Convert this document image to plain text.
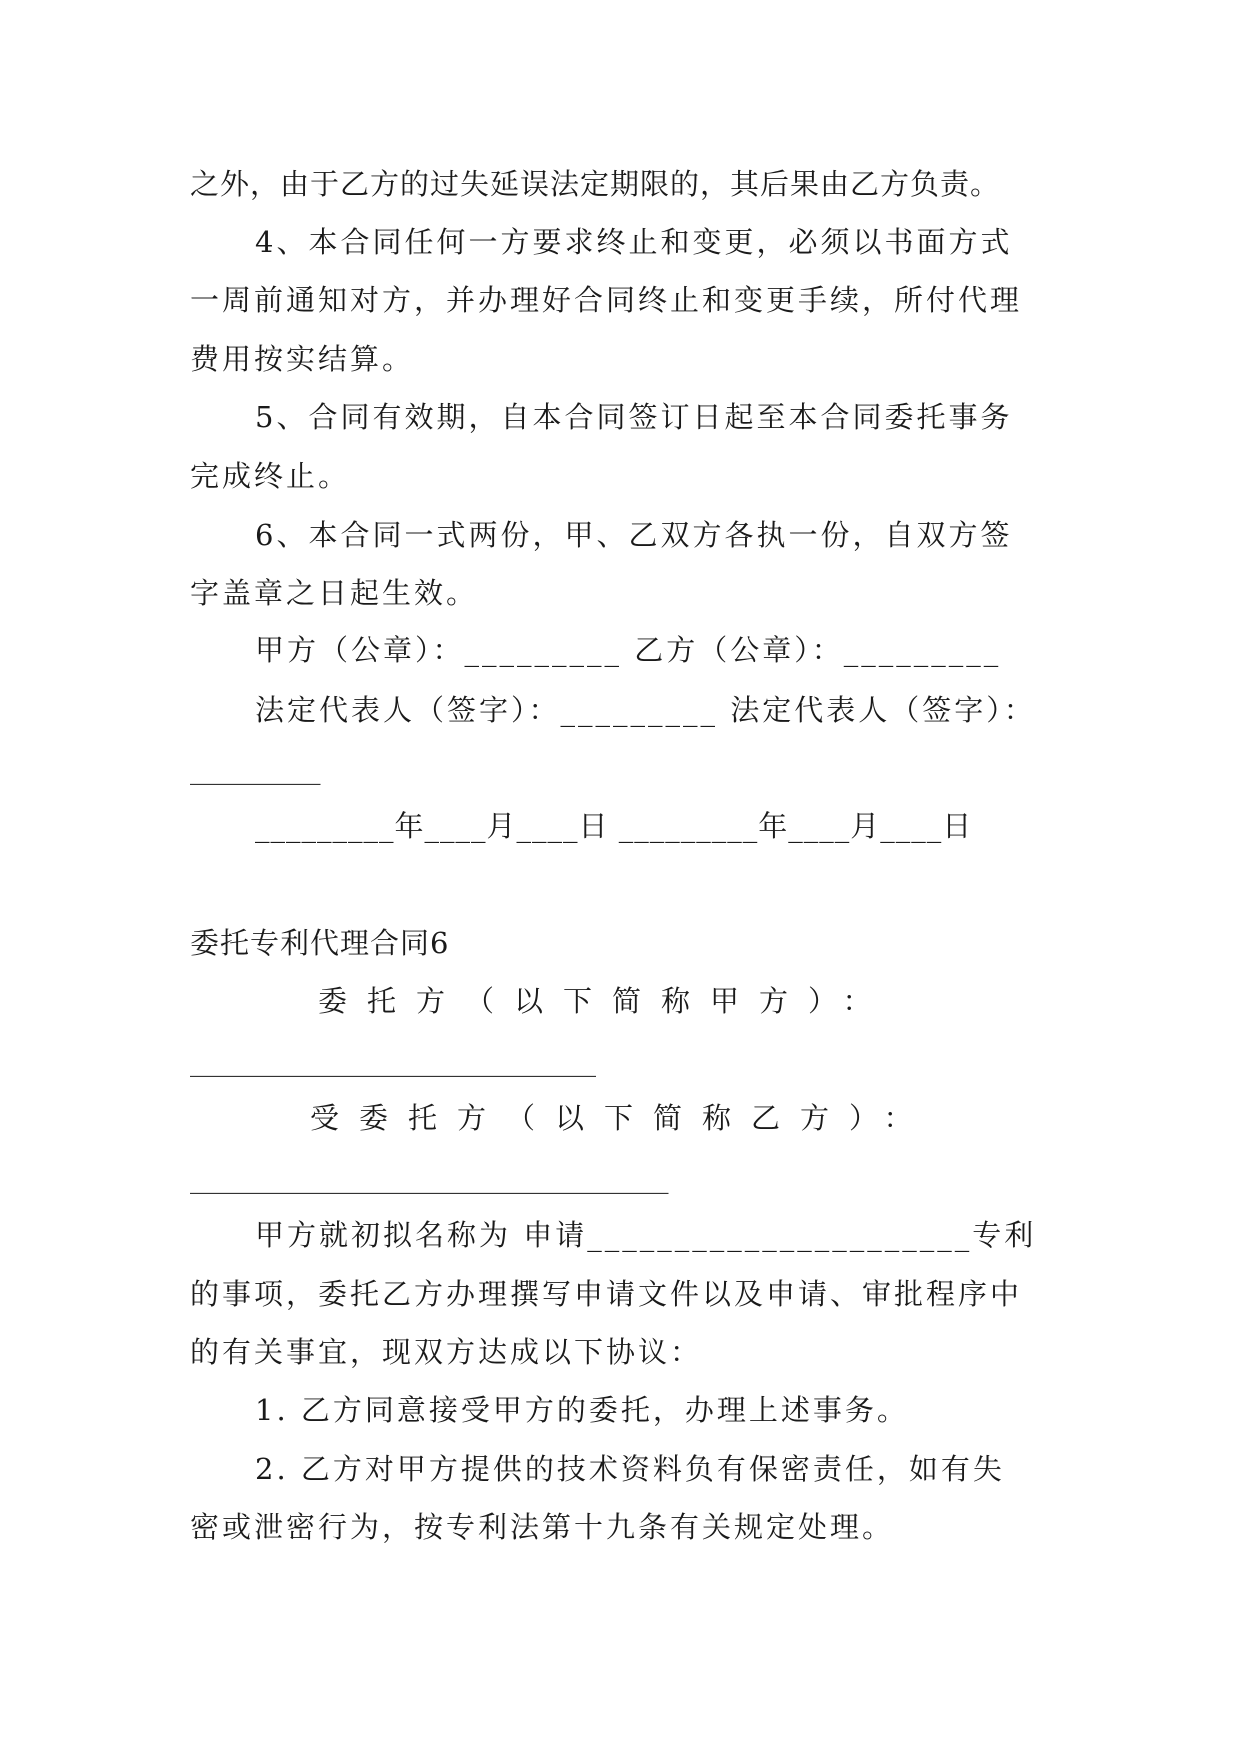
之外，由于乙方的过失延误法定期限的，其后果由乙方负责。
4、本合同任何一方要求终止和变更，必须以书面方式
一周前通知对方，并办理好合同终止和变更手续，所付代理
费用按实结算。
5、合同有效期，自本合同签订日起至本合同委托事务
完成终止。
6、本合同一式两份，甲、乙双方各执一份，自双方签
字盖章之日起生效。
甲方（公章）：_________ 乙方（公章）：_________
法定代表人（签字）：_________ 法定代表人（签字）：
_________
_________年____月____日 _________年____月____日
委托专利代理合同6
委托方（以下简称甲方）：
____________________________
受委托方（以下简称乙方）：
_________________________________
甲方就初拟名称为 申请______________________专利
的事项，委托乙方办理撰写申请文件以及申请、审批程序中
的有关事宜，现双方达成以下协议：
1. 乙方同意接受甲方的委托，办理上述事务。
2. 乙方对甲方提供的技术资料负有保密责任，如有失
密或泄密行为，按专利法第十九条有关规定处理。
